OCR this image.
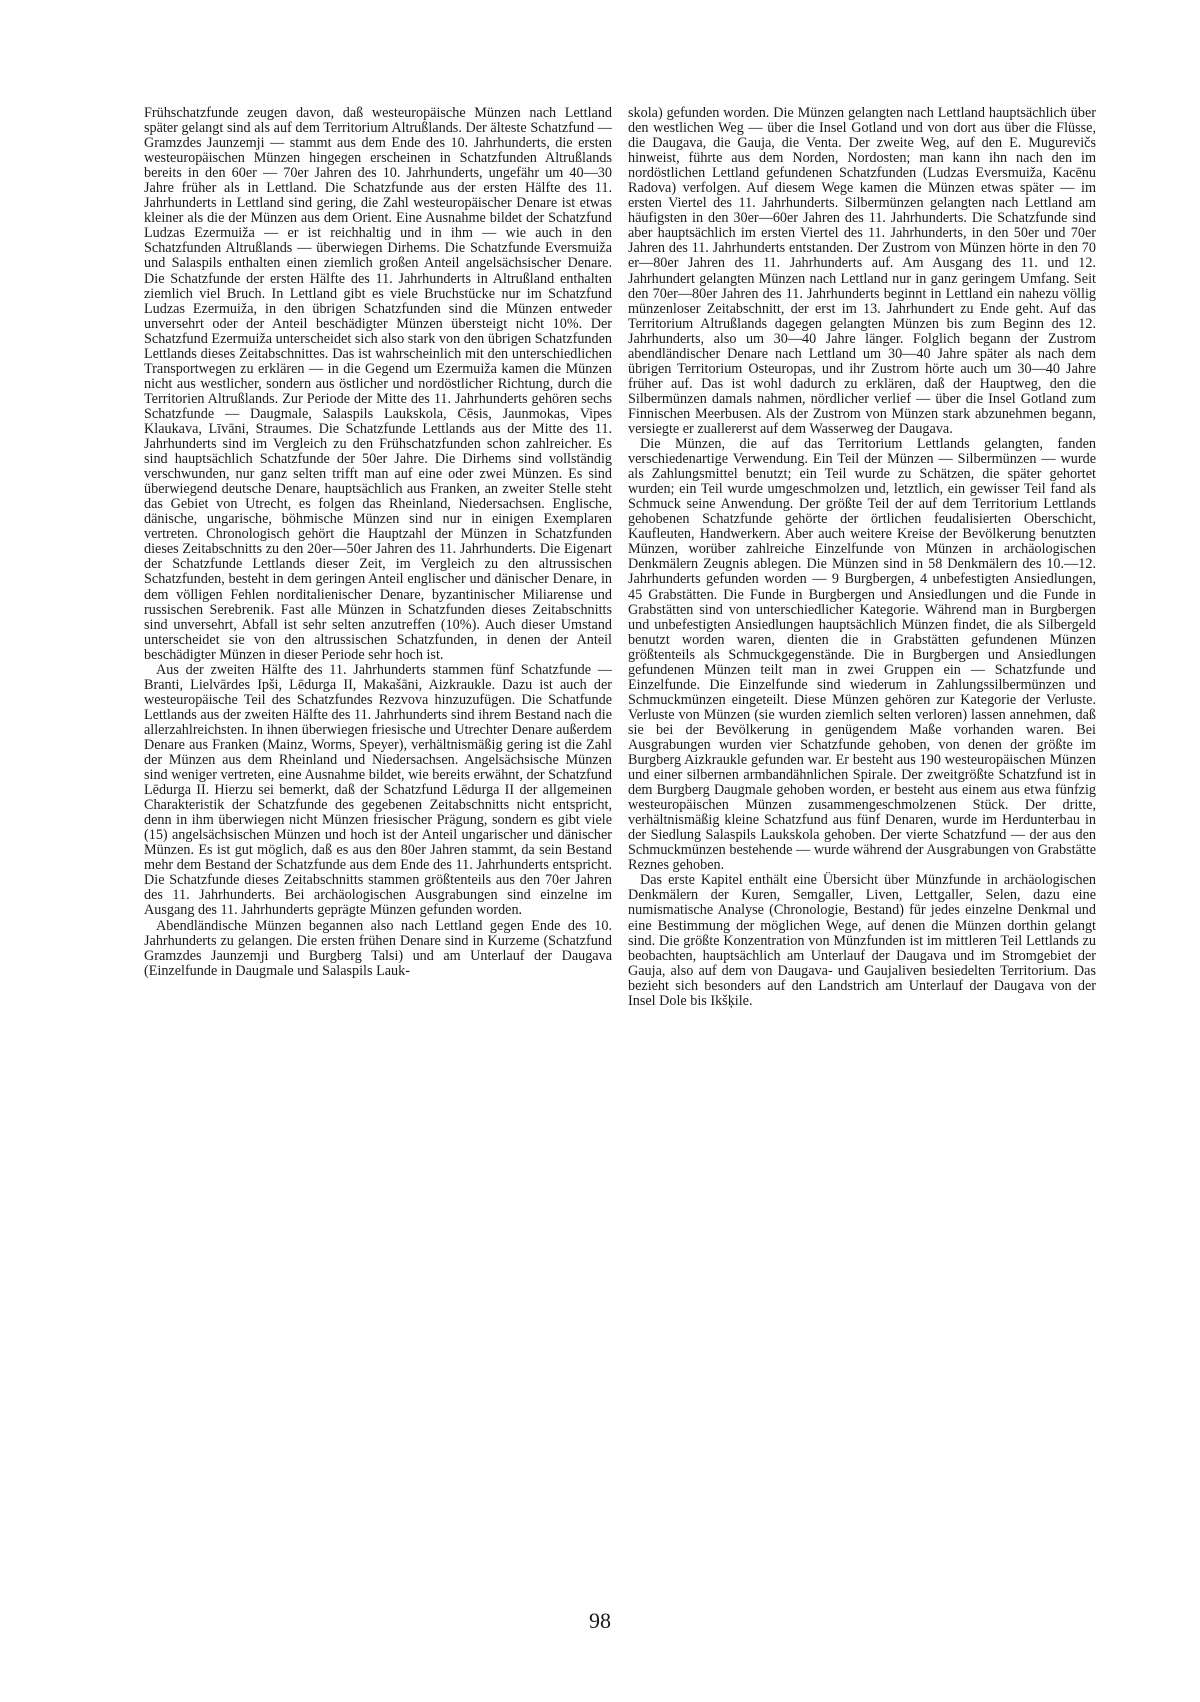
Frühschatzfunde zeugen davon, daß westeuropäische Münzen nach Lettland später gelangt sind als auf dem Territorium Altrußlands. Der älteste Schatzfund — Gramzdes Jaunzemji — stammt aus dem Ende des 10. Jahrhunderts, die ersten westeuropäischen Münzen hingegen erscheinen in Schatzfunden Altrußlands bereits in den 60er — 70er Jahren des 10. Jahrhunderts, ungefähr um 40—30 Jahre früher als in Lettland. Die Schatzfunde aus der ersten Hälfte des 11. Jahrhunderts in Lettland sind gering, die Zahl westeuropäischer Denare ist etwas kleiner als die der Münzen aus dem Orient. Eine Ausnahme bildet der Schatzfund Ludzas Ezermuiža — er ist reichhaltig und in ihm — wie auch in den Schatzfunden Altrußlands — überwiegen Dirhems. Die Schatzfunde Eversmuiža und Salaspils enthalten einen ziemlich großen Anteil angelsächsischer Denare. Die Schatzfunde der ersten Hälfte des 11. Jahrhunderts in Altrußland enthalten ziemlich viel Bruch. In Lettland gibt es viele Bruchstücke nur im Schatzfund Ludzas Ezermuiža, in den übrigen Schatzfunden sind die Münzen entweder unversehrt oder der Anteil beschädigter Münzen übersteigt nicht 10%. Der Schatzfund Ezermuiža unterscheidet sich also stark von den übrigen Schatzfunden Lettlands dieses Zeitabschnittes. Das ist wahrscheinlich mit den unterschiedlichen Transportwegen zu erklären — in die Gegend um Ezermuiža kamen die Münzen nicht aus westlicher, sondern aus östlicher und nordöstlicher Richtung, durch die Territorien Altrußlands. Zur Periode der Mitte des 11. Jahrhunderts gehören sechs Schatzfunde — Daugmale, Salaspils Laukskola, Cēsis, Jaunmokas, Vipes Klaukava, Līvāni, Straumes. Die Schatzfunde Lettlands aus der Mitte des 11. Jahrhunderts sind im Vergleich zu den Frühschatzfunden schon zahlreicher. Es sind hauptsächlich Schatzfunde der 50er Jahre. Die Dirhems sind vollständig verschwunden, nur ganz selten trifft man auf eine oder zwei Münzen. Es sind überwiegend deutsche Denare, hauptsächlich aus Franken, an zweiter Stelle steht das Gebiet von Utrecht, es folgen das Rheinland, Niedersachsen. Englische, dänische, ungarische, böhmische Münzen sind nur in einigen Exemplaren vertreten. Chronologisch gehört die Hauptzahl der Münzen in Schatzfunden dieses Zeitabschnitts zu den 20er—50er Jahren des 11. Jahrhunderts. Die Eigenart der Schatzfunde Lettlands dieser Zeit, im Vergleich zu den altrussischen Schatzfunden, besteht in dem geringen Anteil englischer und dänischer Denare, in dem völligen Fehlen norditalienischer Denare, byzantinischer Miliarense und russischen Serebrenik. Fast alle Münzen in Schatzfunden dieses Zeitabschnitts sind unversehrt, Abfall ist sehr selten anzutreffen (10%). Auch dieser Umstand unterscheidet sie von den altrussischen Schatzfunden, in denen der Anteil beschädigter Münzen in dieser Periode sehr hoch ist.

Aus der zweiten Hälfte des 11. Jahrhunderts stammen fünf Schatzfunde — Branti, Lielvārdes Ipši, Lēdurga II, Makašāni, Aizkraukle. Dazu ist auch der westeuropäische Teil des Schatzfundes Rezvova hinzuzufügen. Die Schatfunde Lettlands aus der zweiten Hälfte des 11. Jahrhunderts sind ihrem Bestand nach die allerzahlreichsten. In ihnen überwiegen friesische und Utrechter Denare außerdem Denare aus Franken (Mainz, Worms, Speyer), verhältnismäßig gering ist die Zahl der Münzen aus dem Rheinland und Niedersachsen. Angelsächsische Münzen sind weniger vertreten, eine Ausnahme bildet, wie bereits erwähnt, der Schatzfund Lēdurga II. Hierzu sei bemerkt, daß der Schatzfund Lēdurga II der allgemeinen Charakteristik der Schatzfunde des gegebenen Zeitabschnitts nicht entspricht, denn in ihm überwiegen nicht Münzen friesischer Prägung, sondern es gibt viele (15) angelsächsischen Münzen und hoch ist der Anteil ungarischer und dänischer Münzen. Es ist gut möglich, daß es aus den 80er Jahren stammt, da sein Bestand mehr dem Bestand der Schatzfunde aus dem Ende des 11. Jahrhunderts entspricht. Die Schatzfunde dieses Zeitabschnitts stammen größtenteils aus den 70er Jahren des 11. Jahrhunderts. Bei archäologischen Ausgrabungen sind einzelne im Ausgang des 11. Jahrhunderts geprägte Münzen gefunden worden.

Abendländische Münzen begannen also nach Lettland gegen Ende des 10. Jahrhunderts zu gelangen. Die ersten frühen Denare sind in Kurzeme (Schatzfund Gramzdes Jaunzemji und Burgberg Talsi) und am Unterlauf der Daugava (Einzelfunde in Daugmale und Salaspils Lauk-

skola) gefunden worden. Die Münzen gelangten nach Lettland hauptsächlich über den westlichen Weg — über die Insel Gotland und von dort aus über die Flüsse, die Daugava, die Gauja, die Venta. Der zweite Weg, auf den E. Mugurevičs hinweist, führte aus dem Norden, Nordosten; man kann ihn nach den im nordöstlichen Lettland gefundenen Schatzfunden (Ludzas Eversmuiža, Kacēnu Radova) verfolgen. Auf diesem Wege kamen die Münzen etwas später — im ersten Viertel des 11. Jahrhunderts. Silbermünzen gelangten nach Lettland am häufigsten in den 30er—60er Jahren des 11. Jahrhunderts. Die Schatzfunde sind aber hauptsächlich im ersten Viertel des 11. Jahrhunderts, in den 50er und 70er Jahren des 11. Jahrhunderts entstanden. Der Zustrom von Münzen hörte in den 70 er—80er Jahren des 11. Jahrhunderts auf. Am Ausgang des 11. und 12. Jahrhundert gelangten Münzen nach Lettland nur in ganz geringem Umfang. Seit den 70er—80er Jahren des 11. Jahrhunderts beginnt in Lettland ein nahezu völlig münzenloser Zeitabschnitt, der erst im 13. Jahrhundert zu Ende geht. Auf das Territorium Altrußlands dagegen gelangten Münzen bis zum Beginn des 12. Jahrhunderts, also um 30—40 Jahre länger. Folglich begann der Zustrom abendländischer Denare nach Lettland um 30—40 Jahre später als nach dem übrigen Territorium Osteuropas, und ihr Zustrom hörte auch um 30—40 Jahre früher auf. Das ist wohl dadurch zu erklären, daß der Hauptweg, den die Silbermünzen damals nahmen, nördlicher verlief — über die Insel Gotland zum Finnischen Meerbusen. Als der Zustrom von Münzen stark abzunehmen begann, versiegte er zuallererst auf dem Wasserweg der Daugava.

Die Münzen, die auf das Territorium Lettlands gelangten, fanden verschiedenartige Verwendung. Ein Teil der Münzen — Silbermünzen — wurde als Zahlungsmittel benutzt; ein Teil wurde zu Schätzen, die später gehortet wurden; ein Teil wurde umgeschmolzen und, letztlich, ein gewisser Teil fand als Schmuck seine Anwendung. Der größte Teil der auf dem Territorium Lettlands gehobenen Schatzfunde gehörte der örtlichen feudalisierten Oberschicht, Kaufleuten, Handwerkern. Aber auch weitere Kreise der Bevölkerung benutzten Münzen, worüber zahlreiche Einzelfunde von Münzen in archäologischen Denkmälern Zeugnis ablegen. Die Münzen sind in 58 Denkmälern des 10.—12. Jahrhunderts gefunden worden — 9 Burgbergen, 4 unbefestigten Ansiedlungen, 45 Grabstätten. Die Funde in Burgbergen und Ansiedlungen und die Funde in Grabstätten sind von unterschiedlicher Kategorie. Während man in Burgbergen und unbefestigten Ansiedlungen hauptsächlich Münzen findet, die als Silbergeld benutzt worden waren, dienten die in Grabstätten gefundenen Münzen größtenteils als Schmuckgegenstände. Die in Burgbergen und Ansiedlungen gefundenen Münzen teilt man in zwei Gruppen ein — Schatzfunde und Einzelfunde. Die Einzelfunde sind wiederum in Zahlungssilbermünzen und Schmuckmünzen eingeteilt. Diese Münzen gehören zur Kategorie der Verluste. Verluste von Münzen (sie wurden ziemlich selten verloren) lassen annehmen, daß sie bei der Bevölkerung in genügendem Maße vorhanden waren. Bei Ausgrabungen wurden vier Schatzfunde gehoben, von denen der größte im Burgberg Aizkraukle gefunden war. Er besteht aus 190 westeuropäischen Münzen und einer silbernen armbandähnlichen Spirale. Der zweitgrößte Schatzfund ist in dem Burgberg Daugmale gehoben worden, er besteht aus einem aus etwa fünfzig westeuropäischen Münzen zusammengeschmolzenen Stück. Der dritte, verhältnismäßig kleine Schatzfund aus fünf Denaren, wurde im Herdunterbau in der Siedlung Salaspils Laukskola gehoben. Der vierte Schatzfund — der aus den Schmuckmünzen bestehende — wurde während der Ausgrabungen von Grabstätte Reznes gehoben.

Das erste Kapitel enthält eine Übersicht über Münzfunde in archäologischen Denkmälern der Kuren, Semgaller, Liven, Lettgaller, Selen, dazu eine numismatische Analyse (Chronologie, Bestand) für jedes einzelne Denkmal und eine Bestimmung der möglichen Wege, auf denen die Münzen dorthin gelangt sind. Die größte Konzentration von Münzfunden ist im mittleren Teil Lettlands zu beobachten, hauptsächlich am Unterlauf der Daugava und im Stromgebiet der Gauja, also auf dem von Daugava- und Gaujaliven besiedelten Territorium. Das bezieht sich besonders auf den Landstrich am Unterlauf der Daugava von der Insel Dole bis Ikšķile.

98
